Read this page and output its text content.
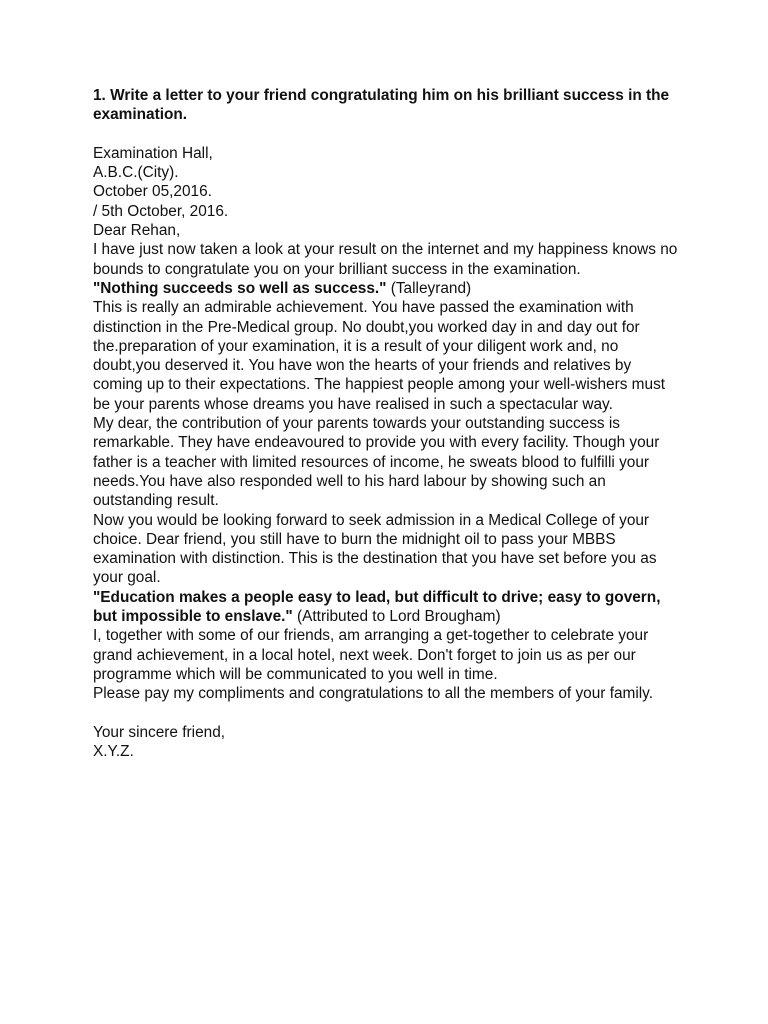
1. Write a letter to your friend congratulating him on his brilliant success in the examination.

Examination Hall,

A.B.C.(City).

October 05,2016.

/ 5th October, 2016.

Dear Rehan,

I have just now taken a look at your result on the internet and my happiness knows no bounds to congratulate you on your brilliant success in the examination.

"Nothing succeeds so well as success." (Talleyrand)

This is really an admirable achievement. You have passed the examination with distinction in the Pre-Medical group. No doubt,you worked day in and day out for the.preparation of your examination, it is a result of your diligent work and, no doubt,you deserved it. You have won the hearts of your friends and relatives by coming up to their expectations. The happiest people among your well-wishers must be your parents whose dreams you have realised in such a spectacular way.

My dear, the contribution of your parents towards your outstanding success is remarkable. They have endeavoured to provide you with every facility. Though your father is a teacher with limited resources of income, he sweats blood to fulfilli your needs.You have also responded well to his hard labour by showing such an outstanding result.

Now you would be looking forward to seek admission in a Medical College of your choice. Dear friend, you still have to burn the midnight oil to pass your MBBS examination with distinction. This is the destination that you have set before you as your goal.

"Education makes a people easy to lead, but difficult to drive; easy to govern, but impossible to enslave." (Attributed to Lord Brougham)

I, together with some of our friends, am arranging a get-together to celebrate your grand achievement, in a local hotel, next week. Don't forget to join us as per our programme which will be communicated to you well in time.

Please pay my compliments and congratulations to all the members of your family.

Your sincere friend,

X.Y.Z.
